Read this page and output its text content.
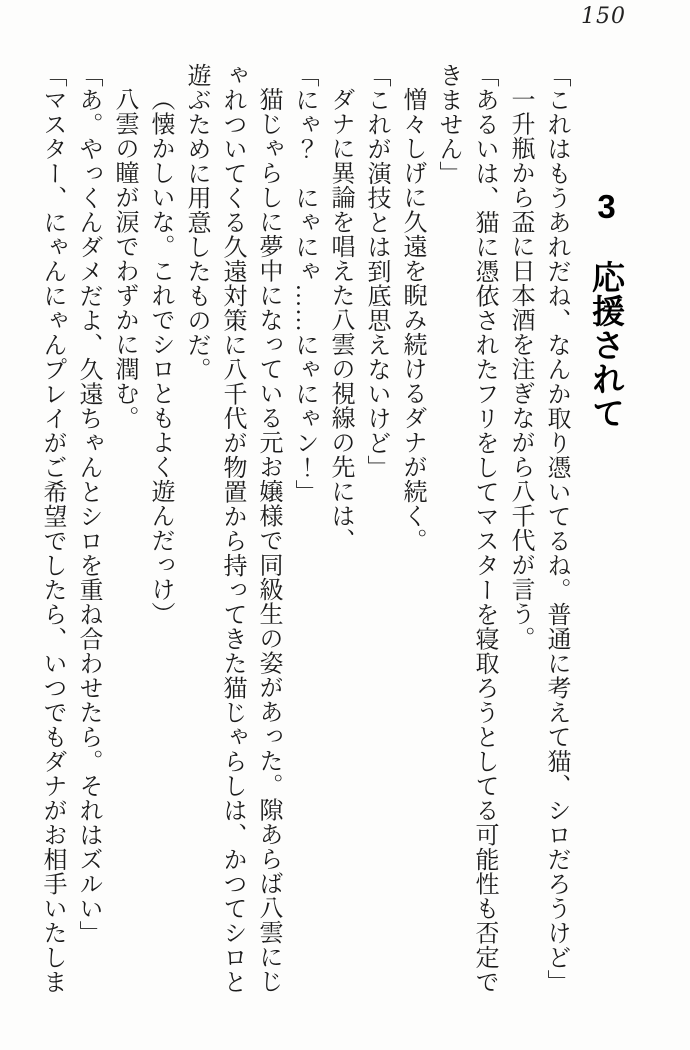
150
3　応援されて

「これはもうあれだね、なんか取り憑いてるね。普通に考えて猫、シロだろうけど」

一升瓶から盃に日本酒を注ぎながら八千代が言う。

「あるいは、猫に憑依されたフリをしてマスターを寝取ろうとしてる可能性も否定できません」

憎々しげに久遠を睨み続けるダナが続く。

「これが演技とは到底思えないけど」

ダナに異論を唱えた八雲の視線の先には、

「にゃ？　にゃにゃ……にゃにゃン！」

猫じゃらしに夢中になっている元お嬢様で同級生の姿があった。隙あらば八雲にじゃれついてくる久遠対策に八千代が物置から持ってきた猫じゃらしは、かつてシロと遊ぶために用意したものだ。

（懐かしいな。これでシロともよく遊んだっけ）

八雲の瞳が涙でわずかに潤む。

「あ。やっくんダメだよ、久遠ちゃんとシロを重ね合わせたら。それはズルい」

「マスター、にゃんにゃんプレイがご希望でしたら、いつでもダナがお相手いたしま
